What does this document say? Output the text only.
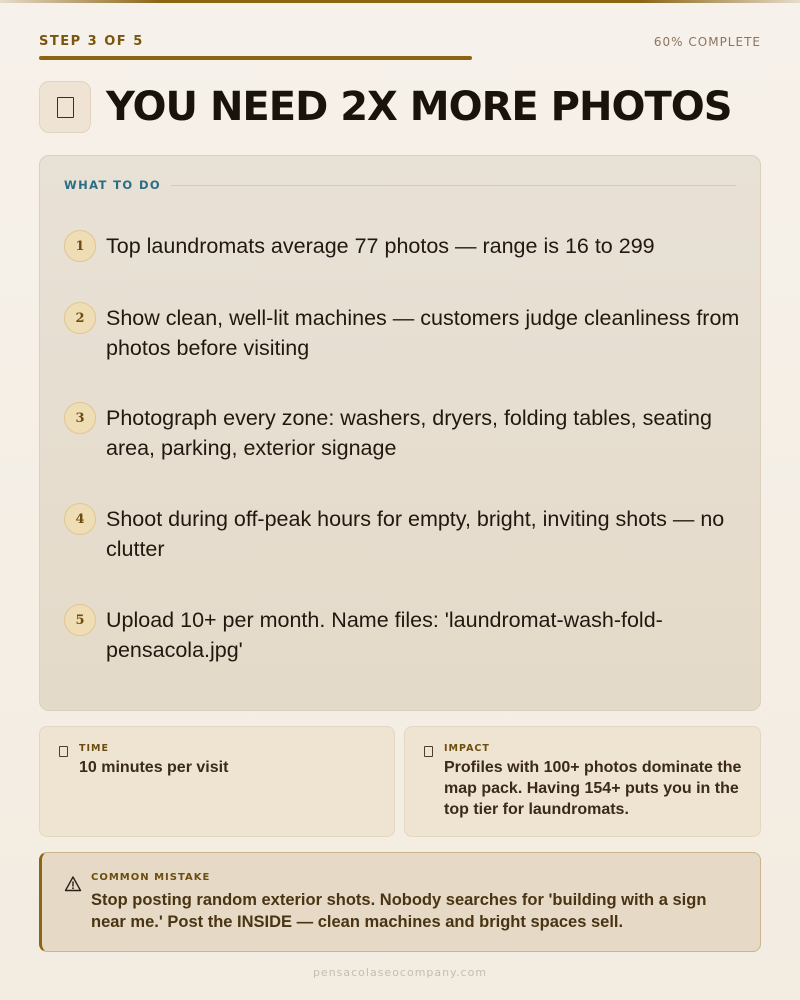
STEP 3 OF 5	60% COMPLETE
YOU NEED 2X MORE PHOTOS
WHAT TO DO
1 Top laundromats average 77 photos — range is 16 to 299
2 Show clean, well-lit machines — customers judge cleanliness from photos before visiting
3 Photograph every zone: washers, dryers, folding tables, seating area, parking, exterior signage
4 Shoot during off-peak hours for empty, bright, inviting shots — no clutter
5 Upload 10+ per month. Name files: 'laundromat-wash-fold-pensacola.jpg'
TIME
10 minutes per visit
IMPACT
Profiles with 100+ photos dominate the map pack. Having 154+ puts you in the top tier for laundromats.
COMMON MISTAKE
Stop posting random exterior shots. Nobody searches for 'building with a sign near me.' Post the INSIDE — clean machines and bright spaces sell.
pensacolaseocompany.com
